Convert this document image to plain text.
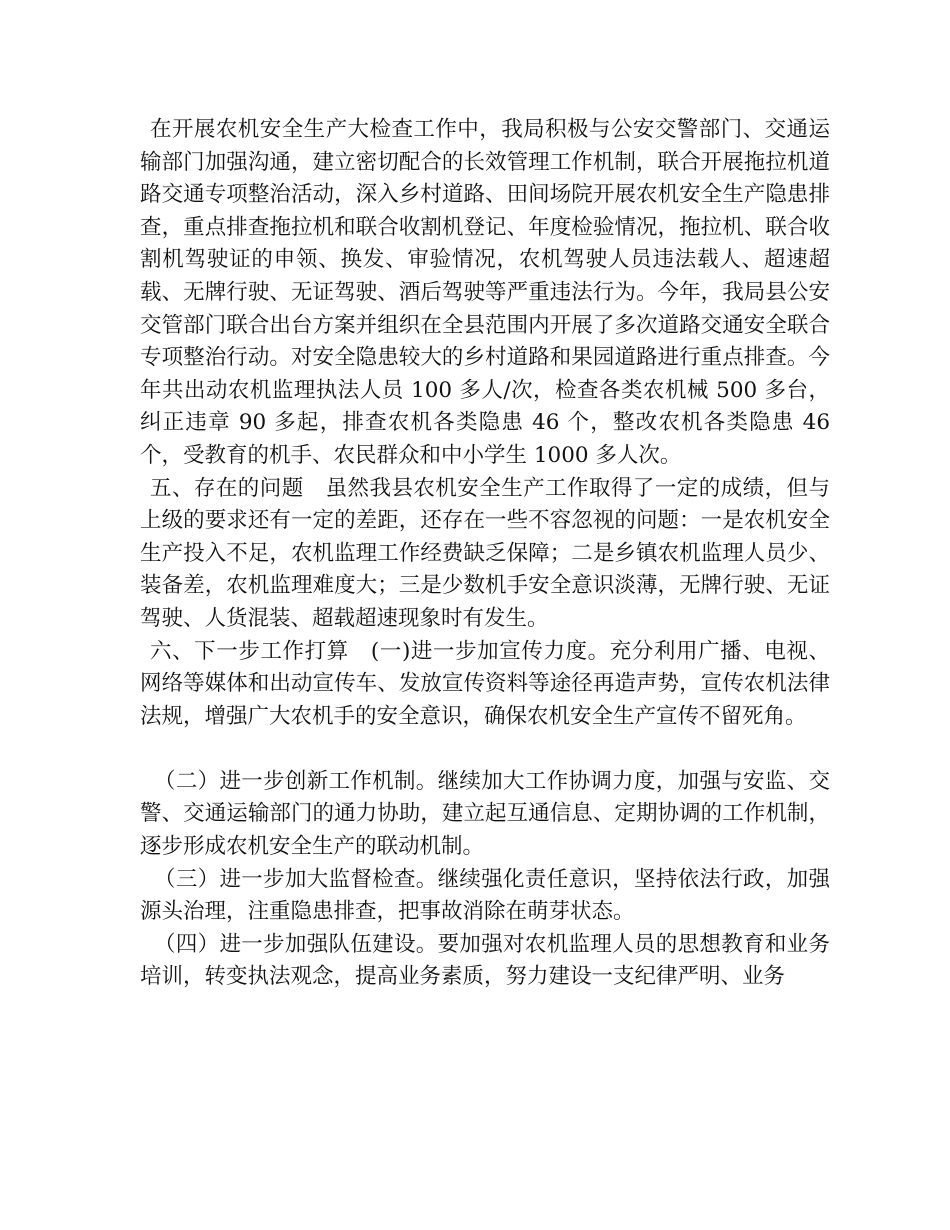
在开展农机安全生产大检查工作中，我局积极与公安交警部门、交通运输部门加强沟通，建立密切配合的长效管理工作机制，联合开展拖拉机道路交通专项整治活动，深入乡村道路、田间场院开展农机安全生产隐患排查，重点排查拖拉机和联合收割机登记、年度检验情况，拖拉机、联合收割机驾驶证的申领、换发、审验情况，农机驾驶人员违法载人、超速超载、无牌行驶、无证驾驶、酒后驾驶等严重违法行为。今年，我局县公安交管部门联合出台方案并组织在全县范围内开展了多次道路交通安全联合专项整治行动。对安全隐患较大的乡村道路和果园道路进行重点排查。今年共出动农机监理执法人员 100 多人/次，检查各类农机械 500 多台，纠正违章 90 多起，排查农机各类隐患 46 个，整改农机各类隐患 46 个，受教育的机手、农民群众和中小学生 1000 多人次。

五、存在的问题　虽然我县农机安全生产工作取得了一定的成绩，但与上级的要求还有一定的差距，还存在一些不容忽视的问题：一是农机安全生产投入不足，农机监理工作经费缺乏保障；二是乡镇农机监理人员少、装备差，农机监理难度大；三是少数机手安全意识淡薄，无牌行驶、无证驾驶、人货混装、超载超速现象时有发生。

六、下一步工作打算　(一)进一步加宣传力度。充分利用广播、电视、网络等媒体和出动宣传车、发放宣传资料等途径再造声势，宣传农机法律法规，增强广大农机手的安全意识，确保农机安全生产宣传不留死角。

（二）进一步创新工作机制。继续加大工作协调力度，加强与安监、交警、交通运输部门的通力协助，建立起互通信息、定期协调的工作机制，逐步形成农机安全生产的联动机制。

（三）进一步加大监督检查。继续强化责任意识，坚持依法行政，加强源头治理，注重隐患排查，把事故消除在萌芽状态。

（四）进一步加强队伍建设。要加强对农机监理人员的思想教育和业务培训，转变执法观念，提高业务素质，努力建设一支纪律严明、业务
